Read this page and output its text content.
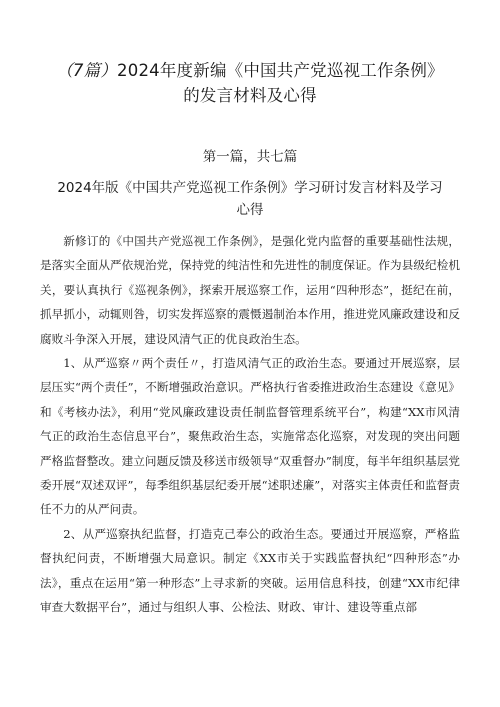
（7篇）2024年度新编《中国共产党巡视工作条例》
的发言材料及心得
第一篇，共七篇
2024年版《中国共产党巡视工作条例》学习研讨发言材料及学习
心得

新修订的《中国共产党巡视工作条例》，是强化党内监督的重要基础性法规，是落实全面从严依规治党，保持党的纯洁性和先进性的制度保证。作为县级纪检机关，要认真执行《巡视条例》，探索开展巡察工作，运用“四种形态”，挺纪在前，抓早抓小，动辄则咎，切实发挥巡察的震慑遏制治本作用，推进党风廉政建设和反腐败斗争深入开展，建设风清气正的优良政治生态。

1、从严巡察〃两个责任〃，打造风清气正的政治生态。要通过开展巡察，层层压实“两个责任”，不断增强政治意识。严格执行省委推进政治生态建设《意见》和《考核办法》，利用“党风廉政建设责任制监督管理系统平台”，构建“XX市风清气正的政治生态信息平台”，聚焦政治生态，实施常态化巡察，对发现的突出问题严格监督整改。建立问题反馈及移送市级领导“双重督办”制度，每半年组织基层党委开展“双述双评”，每季组织基层纪委开展“述职述廉”，对落实主体责任和监督责任不力的从严问责。

2、从严巡察执纪监督，打造克己奉公的政治生态。要通过开展巡察，严格监督执纪问责，不断增强大局意识。制定《XX市关于实践监督执纪“四种形态”办法》，重点在运用“第一种形态”上寻求新的突破。运用信息科技，创建“XX市纪律审查大数据平台”，通过与组织人事、公检法、财政、审计、建设等重点部
